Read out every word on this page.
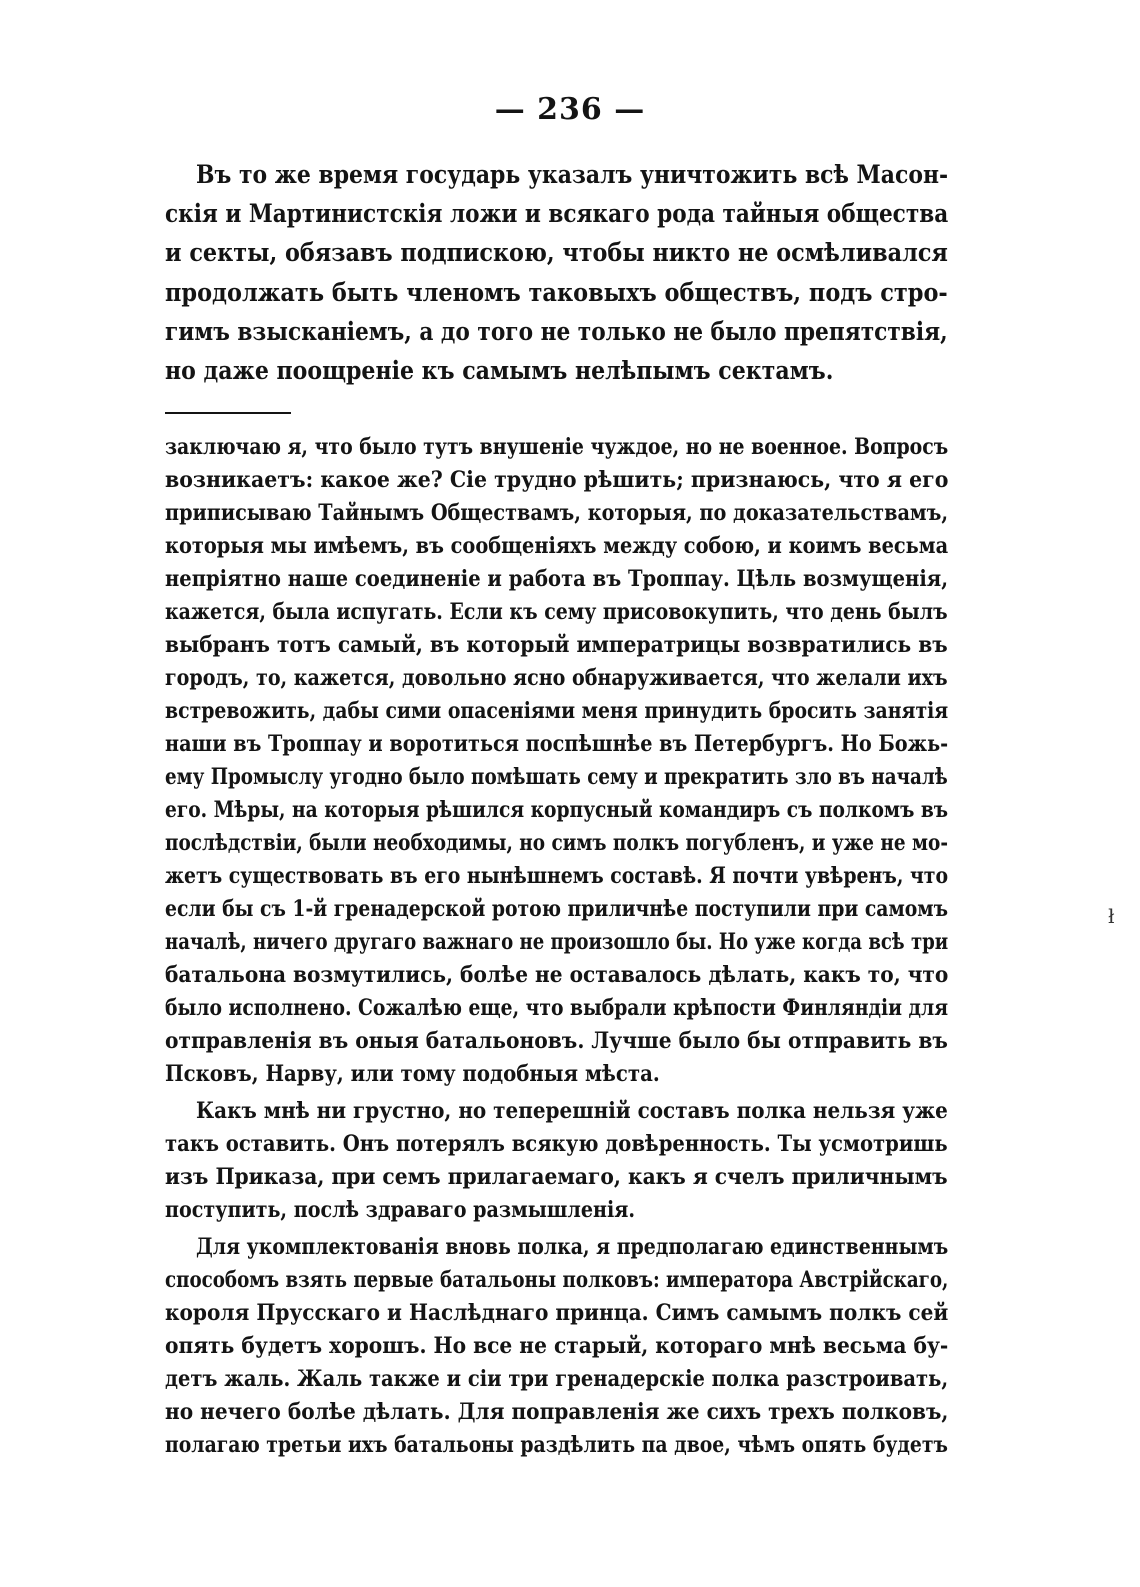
— 236 —
Въ то же время государь указалъ уничтожить всѣ Масон-
скія и Мартинистскія ложи и всякаго рода тайныя общества
и секты, обязавъ подпискою, чтобы никто не осмѣливался
продолжать быть членомъ таковыхъ обществъ, подъ стро-
гимъ взысканіемъ, а до того не только не было препятствія,
но даже поощреніе къ самымъ нелѣпымъ сектамъ.
заключаю я, что было тутъ внушеніе чуждое, но не военное. Вопросъ
возникаетъ: какое же? Сіе трудно рѣшить; признаюсь, что я его
приписываю Тайнымъ Обществамъ, которыя, по доказательствамъ,
которыя мы имѣемъ, въ сообщеніяхъ между собою, и коимъ весьма
непріятно наше соединеніе и работа въ Троппау. Цѣль возмущенія,
кажется, была испугать. Если къ сему присовокупить, что день былъ
выбранъ тотъ самый, въ который императрицы возвратились въ
городъ, то, кажется, довольно ясно обнаруживается, что желали ихъ
встревожить, дабы сими опасеніями меня принудить бросить занятія
наши въ Троппау и воротиться поспѣшнѣе въ Петербургъ. Но Божь-
ему Промыслу угодно было помѣшать сему и прекратить зло въ началѣ
его. Мѣры, на которыя рѣшился корпусный командиръ съ полкомъ въ
послѣдствіи, были необходимы, но симъ полкъ погубленъ, и уже не мо-
жетъ существовать въ его нынѣшнемъ составѣ. Я почти увѣренъ, что
если бы съ 1-й гренадерской ротою приличнѣе поступили при самомъ
началѣ, ничего другаго важнаго не произошло бы. Но уже когда всѣ три
батальона возмутились, болѣе не оставалось дѣлать, какъ то, что
было исполнено. Сожалѣю еще, что выбрали крѣпости Финляндіи для
отправленія въ оныя батальоновъ. Лучше было бы отправить въ
Псковъ, Нарву, или тому подобныя мѣста.
Какъ мнѣ ни грустно, но теперешній составъ полка нельзя уже
такъ оставить. Онъ потерялъ всякую довѣренность. Ты усмотришь
изъ Приказа, при семъ прилагаемаго, какъ я счелъ приличнымъ
поступить, послѣ здраваго размышленія.
Для укомплектованія вновь полка, я предполагаю единственнымъ
способомъ взять первые батальоны полковъ: императора Австрійскаго,
короля Прусскаго и Наслѣднаго принца. Симъ самымъ полкъ сей
опять будетъ хорошъ. Но все не старый, котораго мнѣ весьма бу-
детъ жаль. Жаль также и сіи три гренадерскіе полка разстроивать,
но нечего болѣе дѣлать. Для поправленія же сихъ трехъ полковъ,
полагаю третьи ихъ батальоны раздѣлить па двое, чѣмъ опять будетъ
ł
